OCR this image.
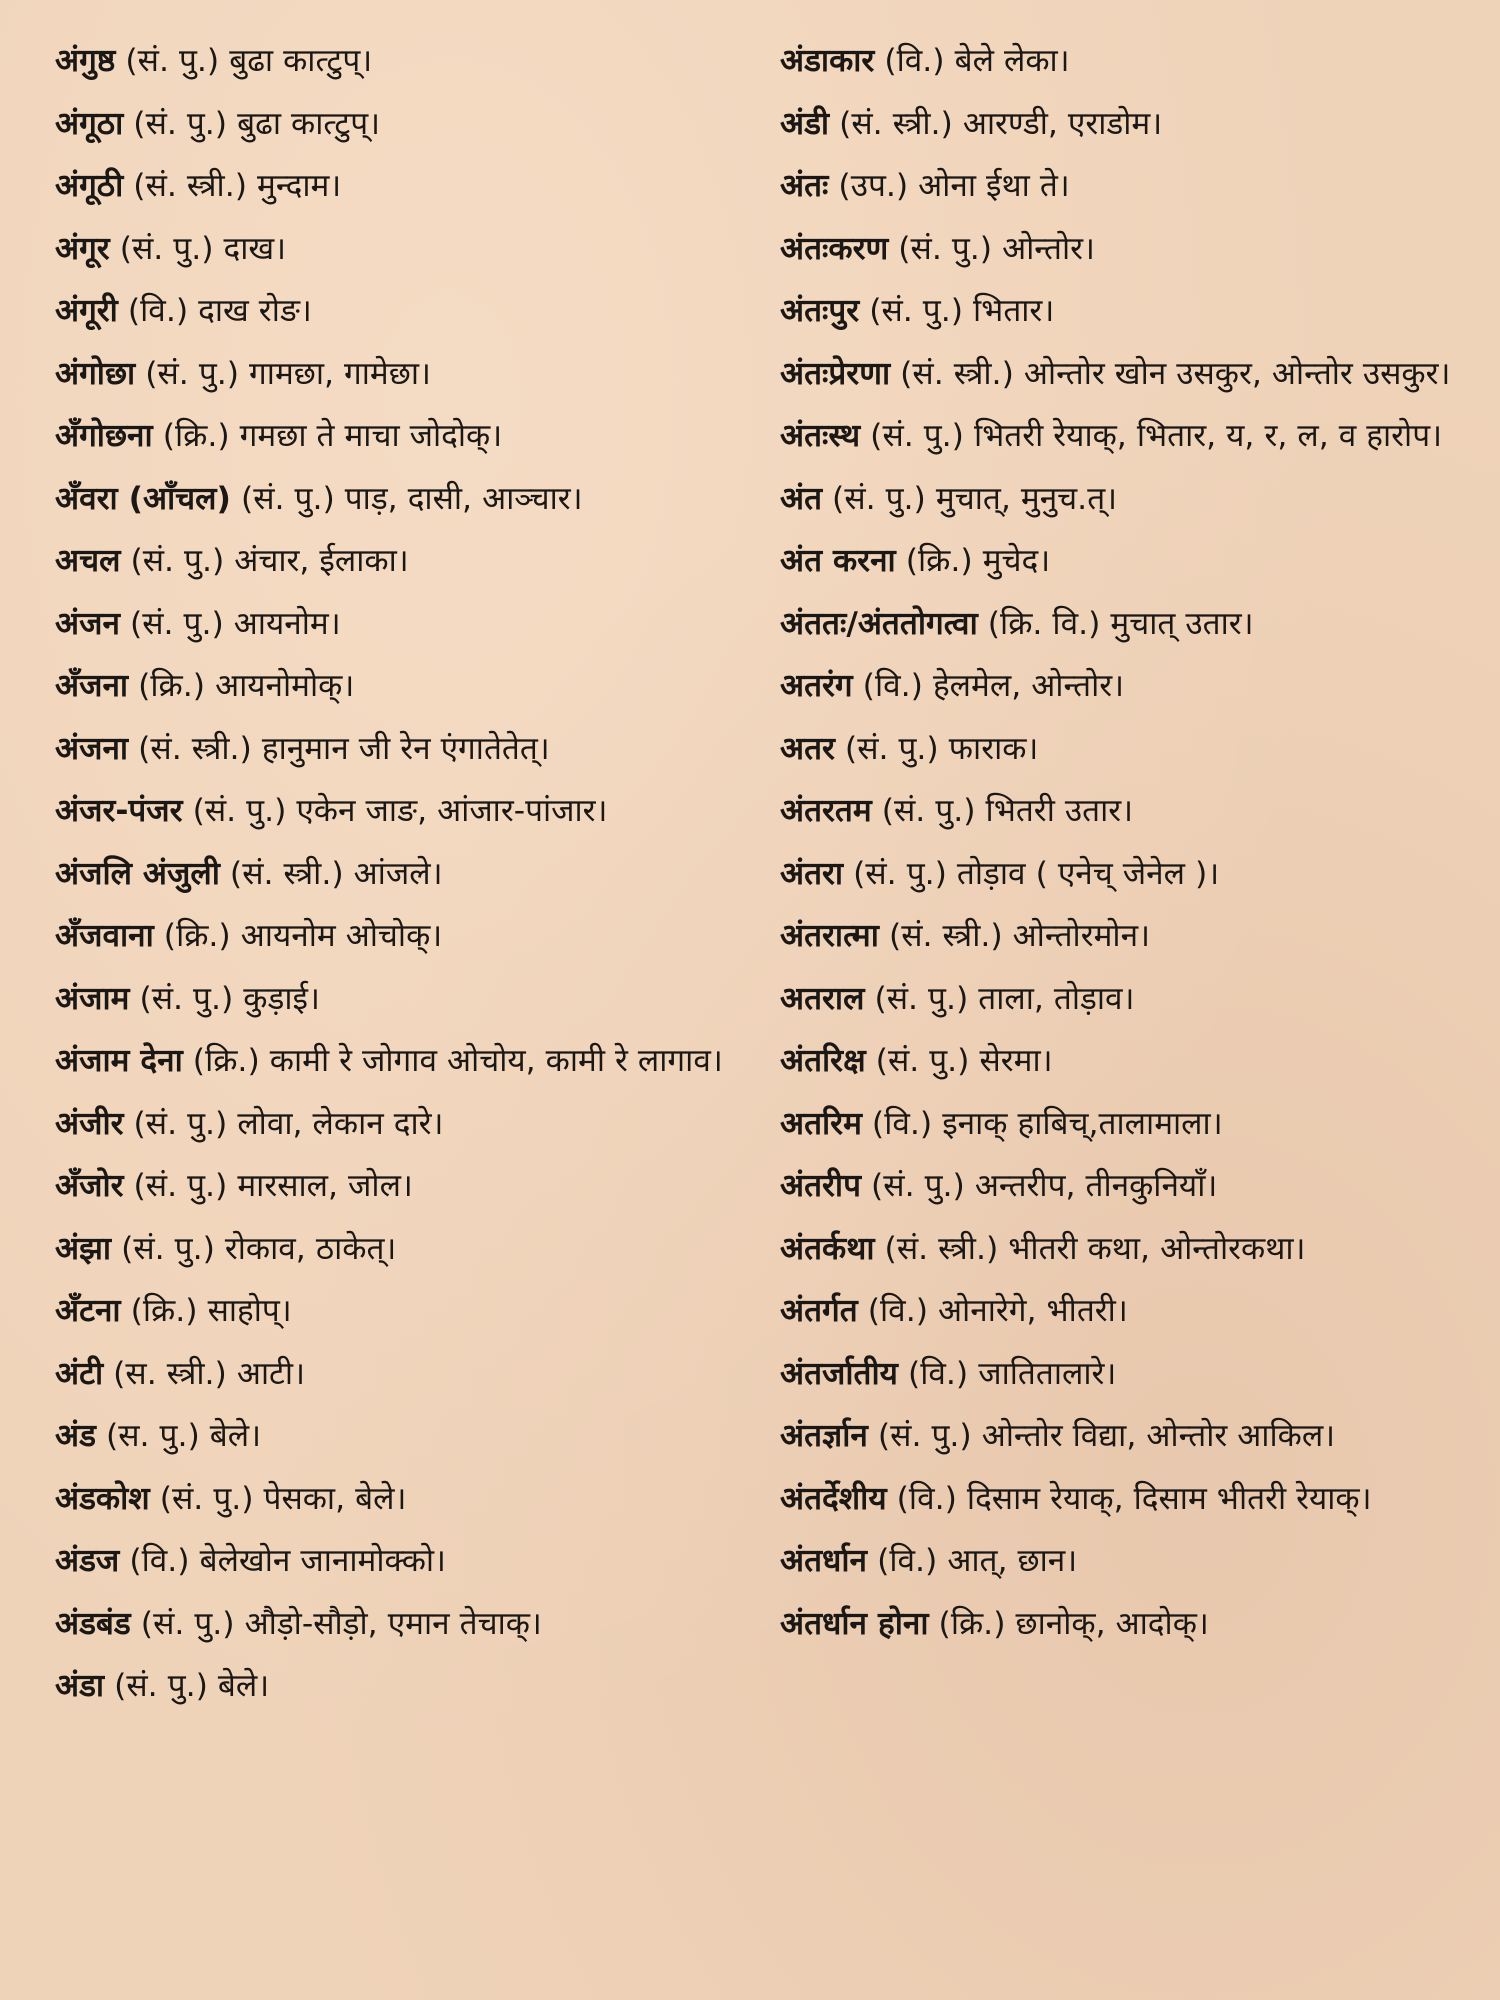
अंगुष्ठ (सं. पु.) बुढा कात्टुप्।

अंगूठा (सं. पु.) बुढा कात्टुप्।

अंगूठी (सं. स्त्री.) मुन्दाम।

अंगूर (सं. पु.) दाख।

अंगूरी (वि.) दाख रोङ।

अंगोछा (सं. पु.) गामछा, गामेछा।

अँगोछना (क्रि.) गमछा ते माचा जोदोक्।

अँवरा (आँचल) (सं. पु.) पाड़, दासी, आञ्चार।

अचल (सं. पु.) अंचार, ईलाका।

अंजन (सं. पु.) आयनोम।

अँजना (क्रि.) आयनोमोक्।

अंजना (सं. स्त्री.) हानुमान जी रेन एंगातेतेत्।

अंजर-पंजर (सं. पु.) एकेन जाङ, आंजार-पांजार।

अंजलि अंजुली (सं. स्त्री.) आंजले।

अँजवाना (क्रि.) आयनोम ओचोक्।

अंजाम (सं. पु.) कुड़ाई।

अंजाम देना (क्रि.) कामी रे जोगाव ओचोय, कामी रे लागाव।

अंजीर (सं. पु.) लोवा, लेकान दारे।

अँजोर (सं. पु.) मारसाल, जोल।

अंझा (सं. पु.) रोकाव, ठाकेत्।

अँटना (क्रि.) साहोप्।

अंटी (स. स्त्री.) आटी।

अंड (स. पु.) बेले।

अंडकोश (सं. पु.) पेसका, बेले।

अंडज (वि.) बेलेखोन जानामोक्को।

अंडबंड (सं. पु.) औड़ो-सौड़ो, एमान तेचाक्।

अंडा (सं. पु.) बेले।

अंडाकार (वि.) बेले लेका।

अंडी (सं. स्त्री.) आरण्डी, एराडोम।

अंतः (उप.) ओना ईथा ते।

अंतःकरण (सं. पु.) ओन्तोर।

अंतःपुर (सं. पु.) भितार।

अंतःप्रेरणा (सं. स्त्री.) ओन्तोर खोन उसकुर, ओन्तोर उसकुर।

अंतःस्थ (सं. पु.) भितरी रेयाक्, भितार, य, र, ल, व हारोप।

अंत (सं. पु.) मुचात्, मुनुच.त्।

अंत करना (क्रि.) मुचेद।

अंततः/अंततोगत्वा (क्रि. वि.) मुचात् उतार।

अतरंग (वि.) हेलमेल, ओन्तोर।

अतर (सं. पु.) फाराक।

अंतरतम (सं. पु.) भितरी उतार।

अंतरा (सं. पु.) तोड़ाव ( एनेच् जेनेल )।

अंतरात्मा (सं. स्त्री.) ओन्तोरमोन।

अतराल (सं. पु.) ताला, तोड़ाव।

अंतरिक्ष (सं. पु.) सेरमा।

अतरिम (वि.) इनाक् हाबिच्,तालामाला।

अंतरीप (सं. पु.) अन्तरीप, तीनकुनियाँ।

अंतर्कथा (सं. स्त्री.) भीतरी कथा, ओन्तोरकथा।

अंतर्गत (वि.) ओनारेगे, भीतरी।

अंतर्जातीय (वि.) जातितालारे।

अंतर्ज्ञान (सं. पु.) ओन्तोर विद्या, ओन्तोर आकिल।

अंतर्देशीय (वि.) दिसाम रेयाक्, दिसाम भीतरी रेयाक्।

अंतर्धान (वि.) आत्, छान।

अंतर्धान होना (क्रि.) छानोक्, आदोक्।
